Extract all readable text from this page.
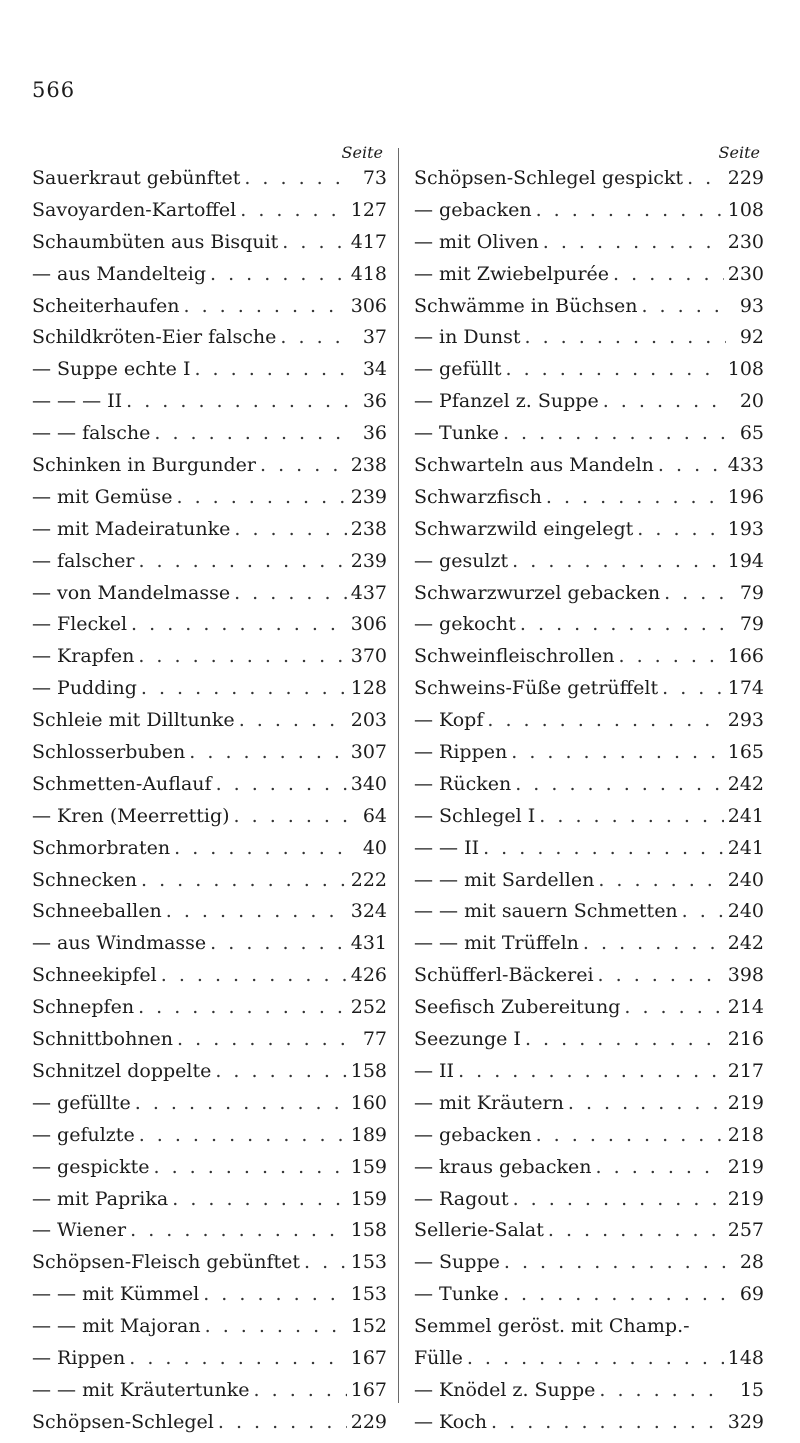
566
Seite
Sauerkraut gebünftet . . .	73
Savoyarden-Kartoffel . . .	127
Schaumbüten aus Bisquit . . .	417
— aus Mandelteig . . .	418
Scheiterhaufen . . .	306
Schildkröten-Eier falsche . . .	37
— Suppe echte I . . .	34
— — — II . . .	36
— — falsche . . .	36
Schinken in Burgunder . . .	238
— mit Gemüse . . .	239
— mit Madeiratunke . . .	238
— falscher . . .	239
— von Mandelmasse . . .	437
— Fleckel . . .	306
— Krapfen . . .	370
— Pudding . . .	128
Schleie mit Dilltunke . . .	203
Schlosserbuben . . .	307
Schmetten-Auflauf . . .	340
— Kren (Meerrettig) . . .	64
Schmorbraten . . .	40
Schnecken . . .	222
Schneeballen . . .	324
— aus Windmasse . . .	431
Schneekipfel . . .	426
Schnepfen . . .	252
Schnittbohnen . . .	77
Schnitzel doppelte . . .	158
— gefüllte . . .	160
— gefulzte . . .	189
— gespickte . . .	159
— mit Paprika . . .	159
— Wiener . . .	158
Schöpsen-Fleisch gebünftet . . .	153
— — mit Kümmel . . .	153
— — mit Majoran . . .	152
— Rippen . . .	167
— — mit Kräutertunke . . .	167
Schöpsen-Schlegel . . .	229
Seite
Schöpsen-Schlegel gespickt . . . 229
— gebacken . . .	108
— mit Oliven . . .	230
— mit Zwiebelpurée . . .	230
Schwämme in Büchsen . . .	93
— in Dunst . . .	92
— gefüllt . . .	108
— Pfanzel z. Suppe . . .	20
— Tunke . . .	65
Schwarteln aus Mandeln . . .	433
Schwarzfisch . . .	196
Schwarzwild eingelegt . . .	193
— gesulzt . . .	194
Schwarzwurzel gebacken . . .	79
— gekocht . . .	79
Schweinfleischrollen . . .	166
Schweins-Füße getrüffelt . . .	174
— Kopf . . .	293
— Rippen . . .	165
— Rücken . . .	242
— Schlegel I . . .	241
— — II . . .	241
— — mit Sardellen . . .	240
— — mit sauern Schmetten . . .	240
— — mit Trüffeln . . .	242
Schüfferl-Bäckerei . . .	398
Seefisch Zubereitung . . .	214
Seezunge I . . .	216
— II . . .	217
— mit Kräutern . . .	219
— gebacken . . .	218
— kraus gebacken . . .	219
— Ragout . . .	219
Sellerie-Salat . . .	257
— Suppe . . .	28
— Tunke . . .	69
Semmel geröst. mit Champ.-
Fülle . . .	148
— Knödel z. Suppe . . .	15
— Koch . . .	329
